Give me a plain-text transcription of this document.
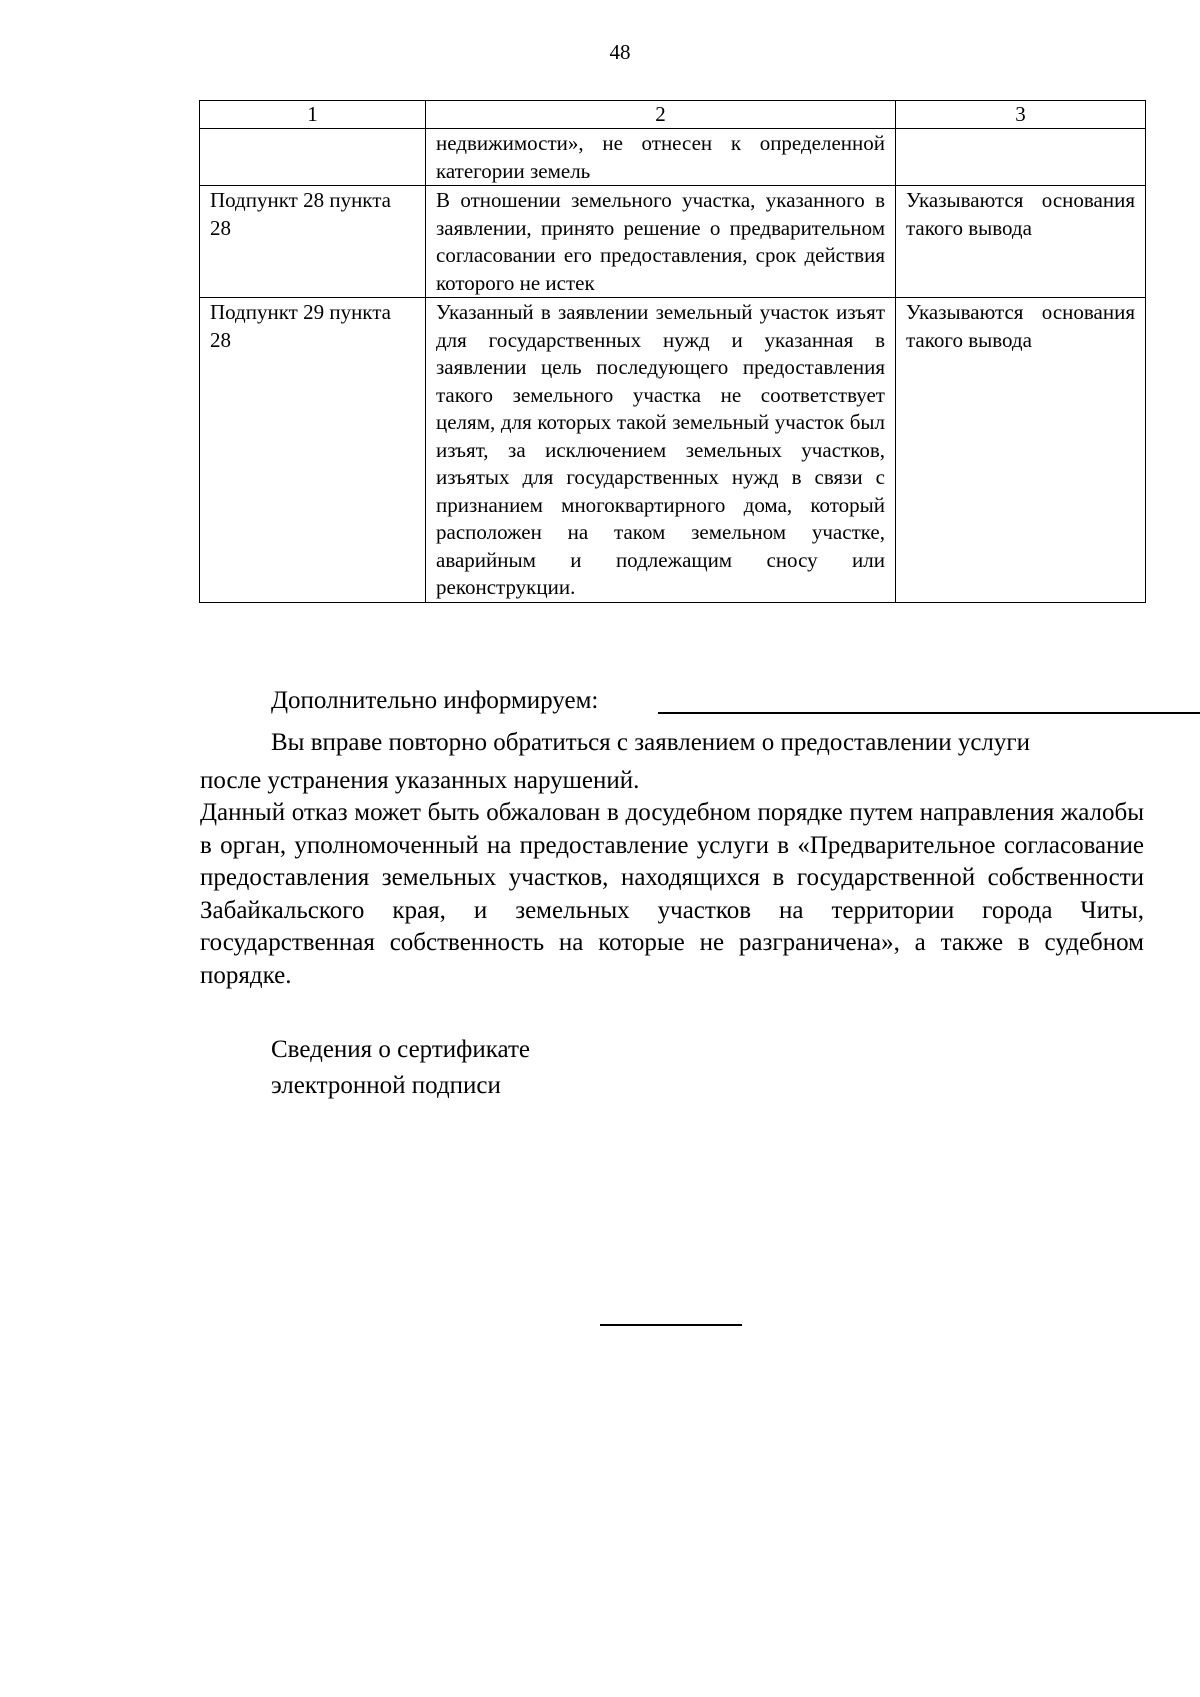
48
1	2	3
	недвижимости», не отнесен к определенной категории земель	
Подпункт 28 пункта 28	В отношении земельного участка, указанного в заявлении, принято решение о предварительном согласовании его предоставления, срок действия которого не истек	Указываются основания такого вывода
Подпункт 29 пункта 28	Указанный в заявлении земельный участок изъят для государственных нужд и указанная в заявлении цель последующего предоставления такого земельного участка не соответствует целям, для которых такой земельный участок был изъят, за исключением земельных участков, изъятых для государственных нужд в связи с признанием многоквартирного дома, который расположен на таком земельном участке, аварийным и подлежащим сносу или реконструкции.	Указываются основания такого вывода
Дополнительно информируем:
Вы вправе повторно обратиться с заявлением о предоставлении услуги
после устранения указанных нарушений.
Данный отказ может быть обжалован в досудебном порядке путем направления жалобы в орган, уполномоченный на предоставление услуги в «Предварительное согласование предоставления земельных участков, находящихся в государственной собственности Забайкальского края, и земельных участков на территории города Читы, государственная собственность на которые не разграничена», а также в судебном порядке.
Сведения о сертификате
электронной подписи
